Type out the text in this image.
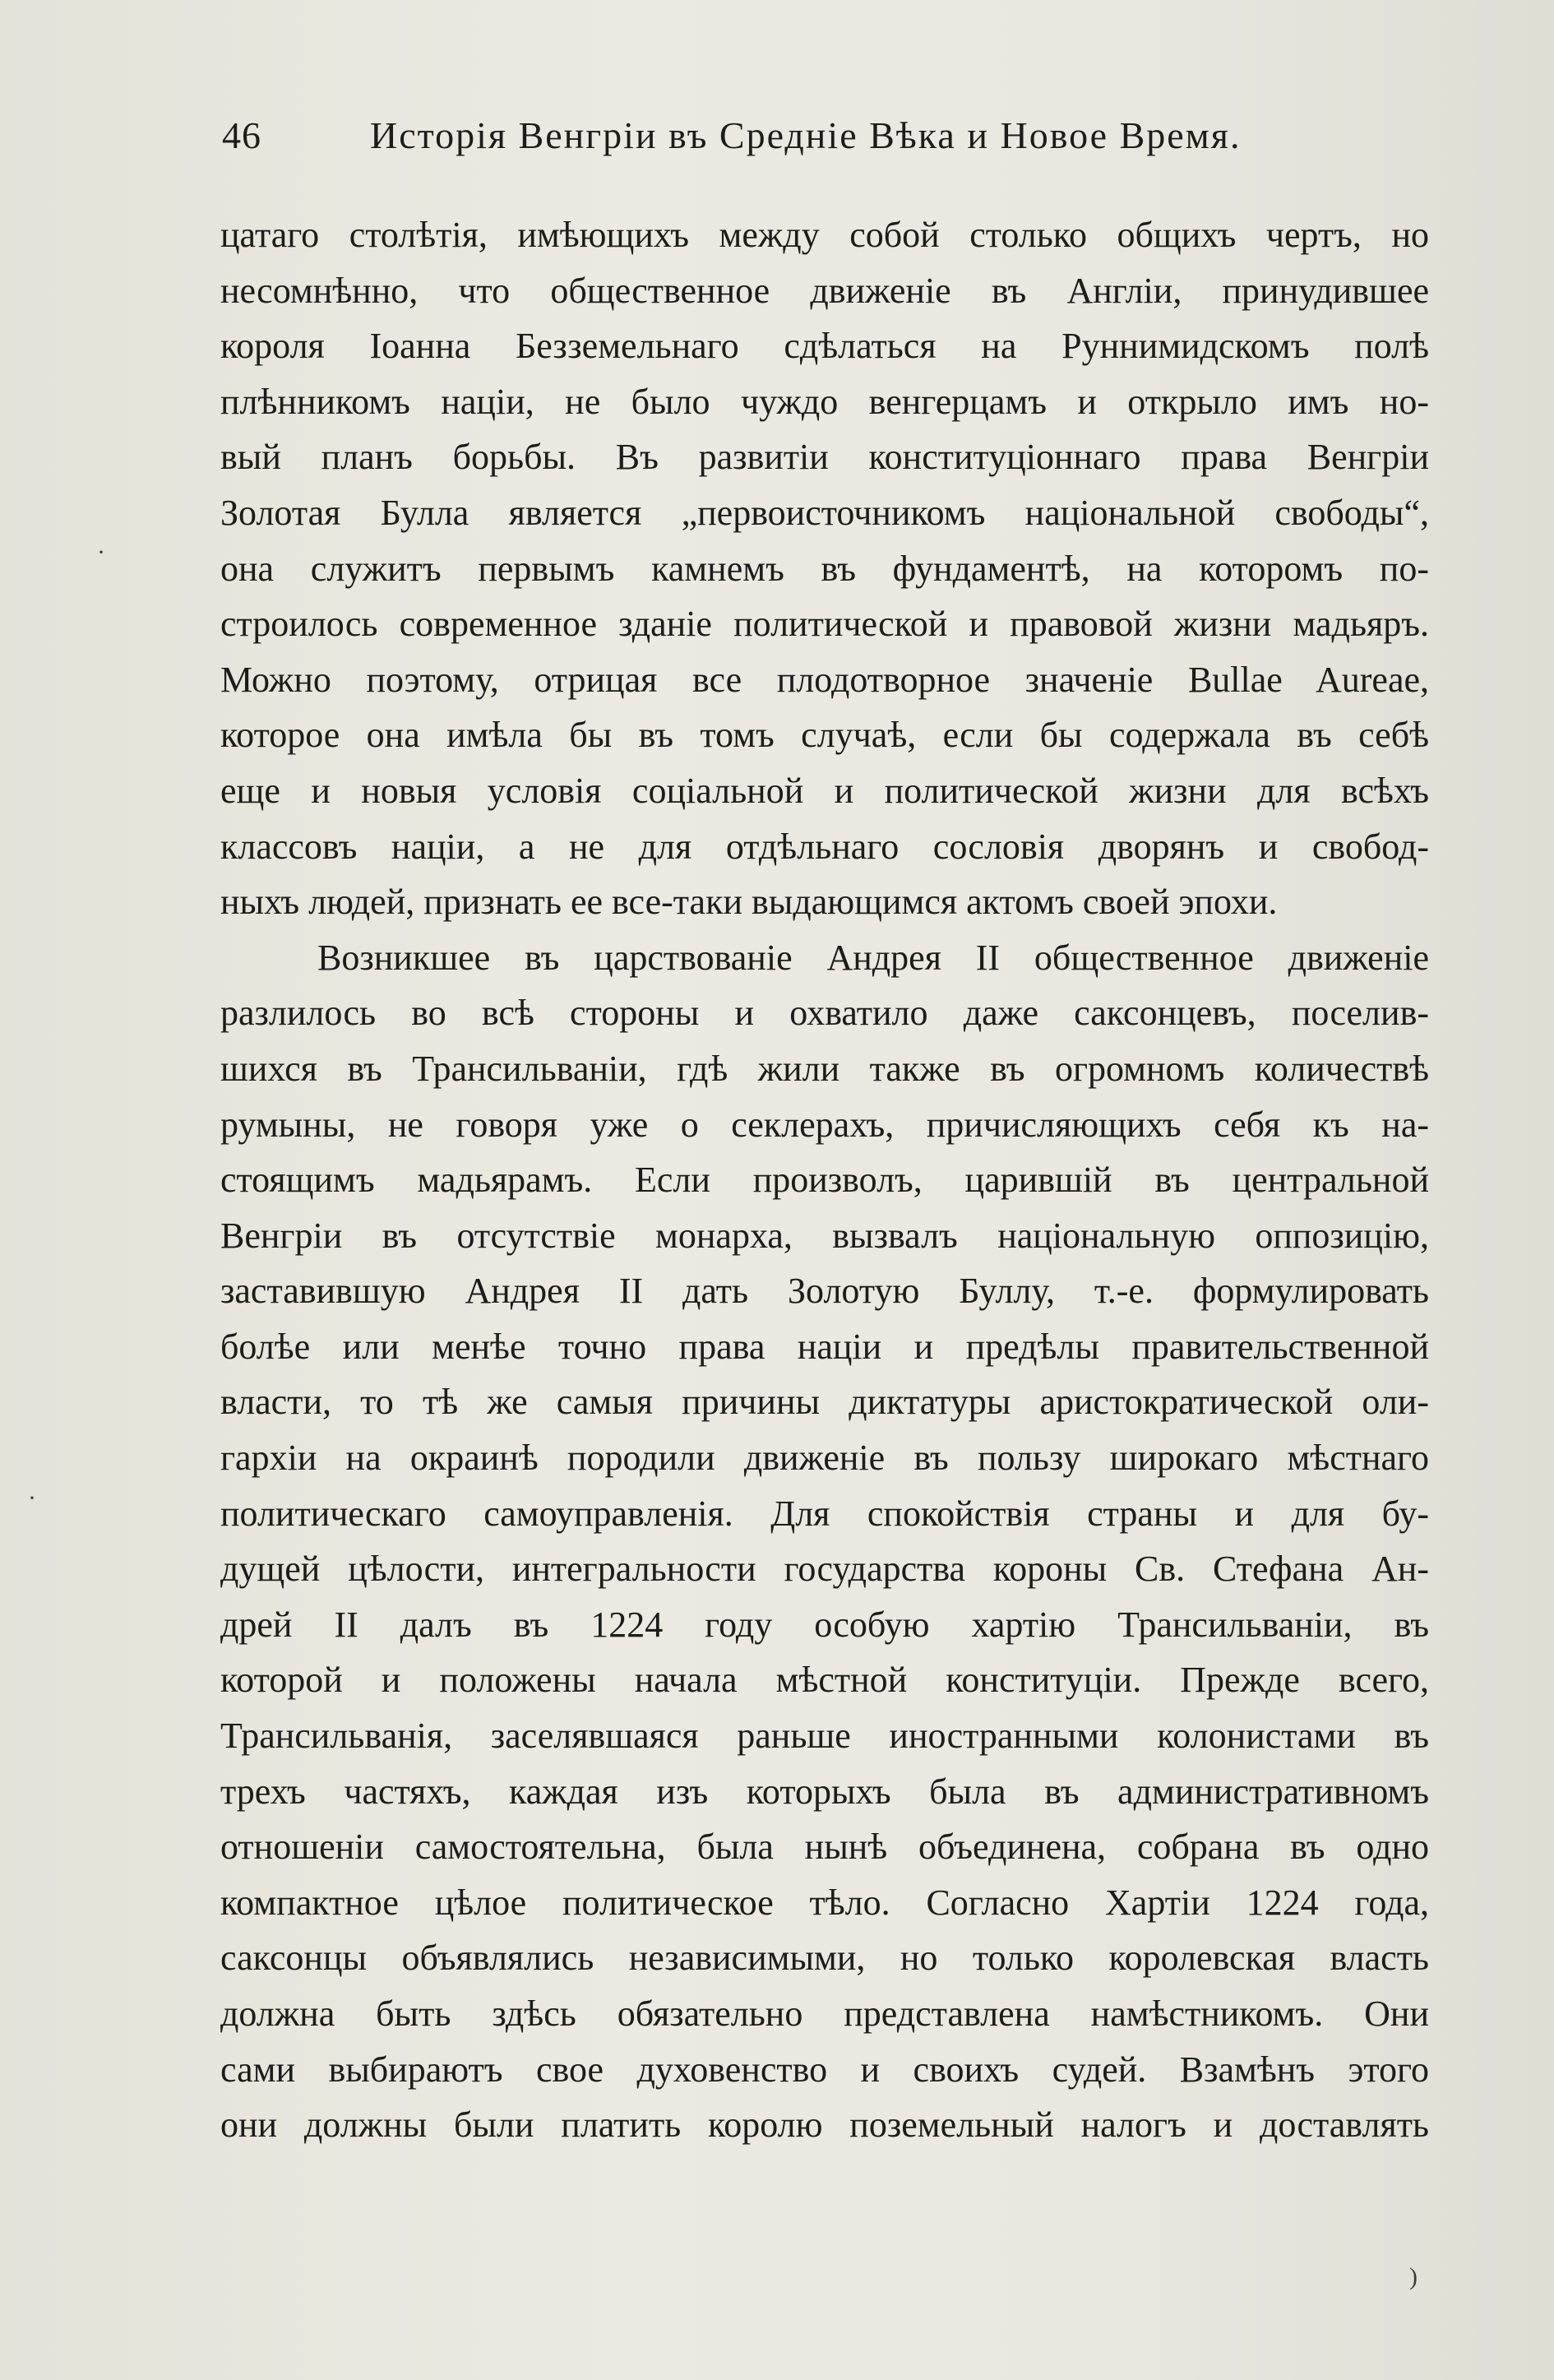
46	Исторія Венгріи въ Средніе Вѣка и Новое Время.
цатаго столѣтія, имѣющихъ между собой столько общихъ чертъ, но
несомнѣнно, что общественное движеніе въ Англіи, принудившее
короля Іоанна Безземельнаго сдѣлаться на Руннимидскомъ полѣ
плѣнникомъ націи, не было чуждо венгерцамъ и открыло имъ но-
вый планъ борьбы. Въ развитіи конституціоннаго права Венгріи
Золотая Булла является „первоисточникомъ національной свободы“,
она служитъ первымъ камнемъ въ фундаментѣ, на которомъ по-
строилось современное зданіе политической и правовой жизни мадьяръ.
Можно поэтому, отрицая все плодотворное значеніе Bullae Aureae,
которое она имѣла бы въ томъ случаѣ, если бы содержала въ себѣ
еще и новыя условія соціальной и политической жизни для всѣхъ
классовъ націи, а не для отдѣльнаго сословія дворянъ и свобод-
ныхъ людей, признать ее все-таки выдающимся актомъ своей эпохи.
Возникшее въ царствованіе Андрея II общественное движеніе
разлилось во всѣ стороны и охватило даже саксонцевъ, поселив-
шихся въ Трансильваніи, гдѣ жили также въ огромномъ количествѣ
румыны, не говоря уже о секлерахъ, причисляющихъ себя къ на-
стоящимъ мадьярамъ. Если произволъ, царившій въ центральной
Венгріи въ отсутствіе монарха, вызвалъ національную оппозицію,
заставившую Андрея II дать Золотую Буллу, т.-е. формулировать
болѣе или менѣе точно права націи и предѣлы правительственной
власти, то тѣ же самыя причины диктатуры аристократической оли-
гархіи на окраинѣ породили движеніе въ пользу широкаго мѣстнаго
политическаго самоуправленія. Для спокойствія страны и для бу-
дущей цѣлости, интегральности государства короны Св. Стефана Ан-
дрей II далъ въ 1224 году особую хартію Трансильваніи, въ
которой и положены начала мѣстной конституціи. Прежде всего,
Трансильванія, заселявшаяся раньше иностранными колонистами въ
трехъ частяхъ, каждая изъ которыхъ была въ административномъ
отношеніи самостоятельна, была нынѣ объединена, собрана въ одно
компактное цѣлое политическое тѣло. Согласно Хартіи 1224 года,
саксонцы объявлялись независимыми, но только королевская власть
должна быть здѣсь обязательно представлена намѣстникомъ. Они
сами выбираютъ свое духовенство и своихъ судей. Взамѣнъ этого
они должны были платить королю поземельный налогъ и доставлять
·
·
)
